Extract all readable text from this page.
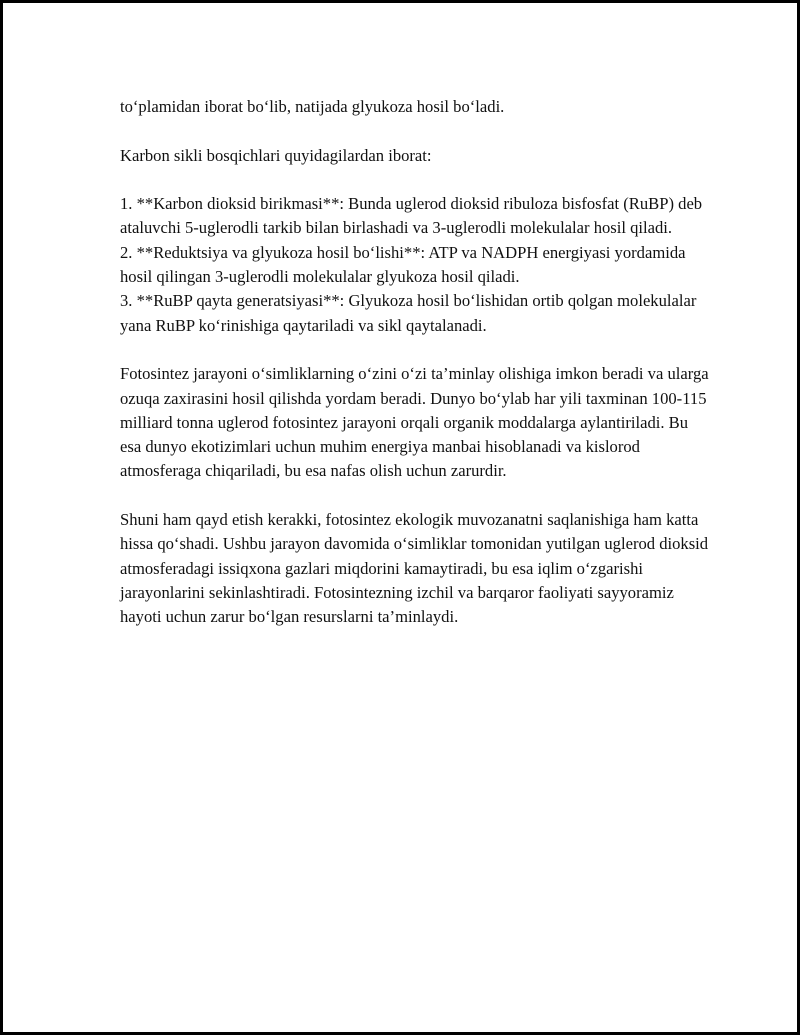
to‘plamidan iborat bo‘lib, natijada glyukoza hosil bo‘ladi.

Karbon sikli bosqichlari quyidagilardan iborat:

1. **Karbon dioksid birikmasi**: Bunda uglerod dioksid ribuloza bisfosfat (RuBP) deb ataluvchi 5-uglerodli tarkib bilan birlashadi va 3-uglerodli molekulalar hosil qiladi.

2. **Reduktsiya va glyukoza hosil bo‘lishi**: ATP va NADPH energiyasi yordamida hosil qilingan 3-uglerodli molekulalar glyukoza hosil qiladi.

3. **RuBP qayta generatsiyasi**: Glyukoza hosil bo‘lishidan ortib qolgan molekulalar yana RuBP ko‘rinishiga qaytariladi va sikl qaytalanadi.

Fotosintez jarayoni o‘simliklarning o‘zini o‘zi ta’minlay olishiga imkon beradi va ularga ozuqa zaxirasini hosil qilishda yordam beradi. Dunyo bo‘ylab har yili taxminan 100-115 milliard tonna uglerod fotosintez jarayoni orqali organik moddalarga aylantiriladi. Bu esa dunyo ekotizimlari uchun muhim energiya manbai hisoblanadi va kislorod atmosferaga chiqariladi, bu esa nafas olish uchun zarurdir.

Shuni ham qayd etish kerakki, fotosintez ekologik muvozanatni saqlanishiga ham katta hissa qo‘shadi. Ushbu jarayon davomida o‘simliklar tomonidan yutilgan uglerod dioksid atmosferadagi issiqxona gazlari miqdorini kamaytiradi, bu esa iqlim o‘zgarishi jarayonlarini sekinlashtiradi. Fotosintezning izchil va barqaror faoliyati sayyoramiz hayoti uchun zarur bo‘lgan resurslarni ta’minlaydi.
